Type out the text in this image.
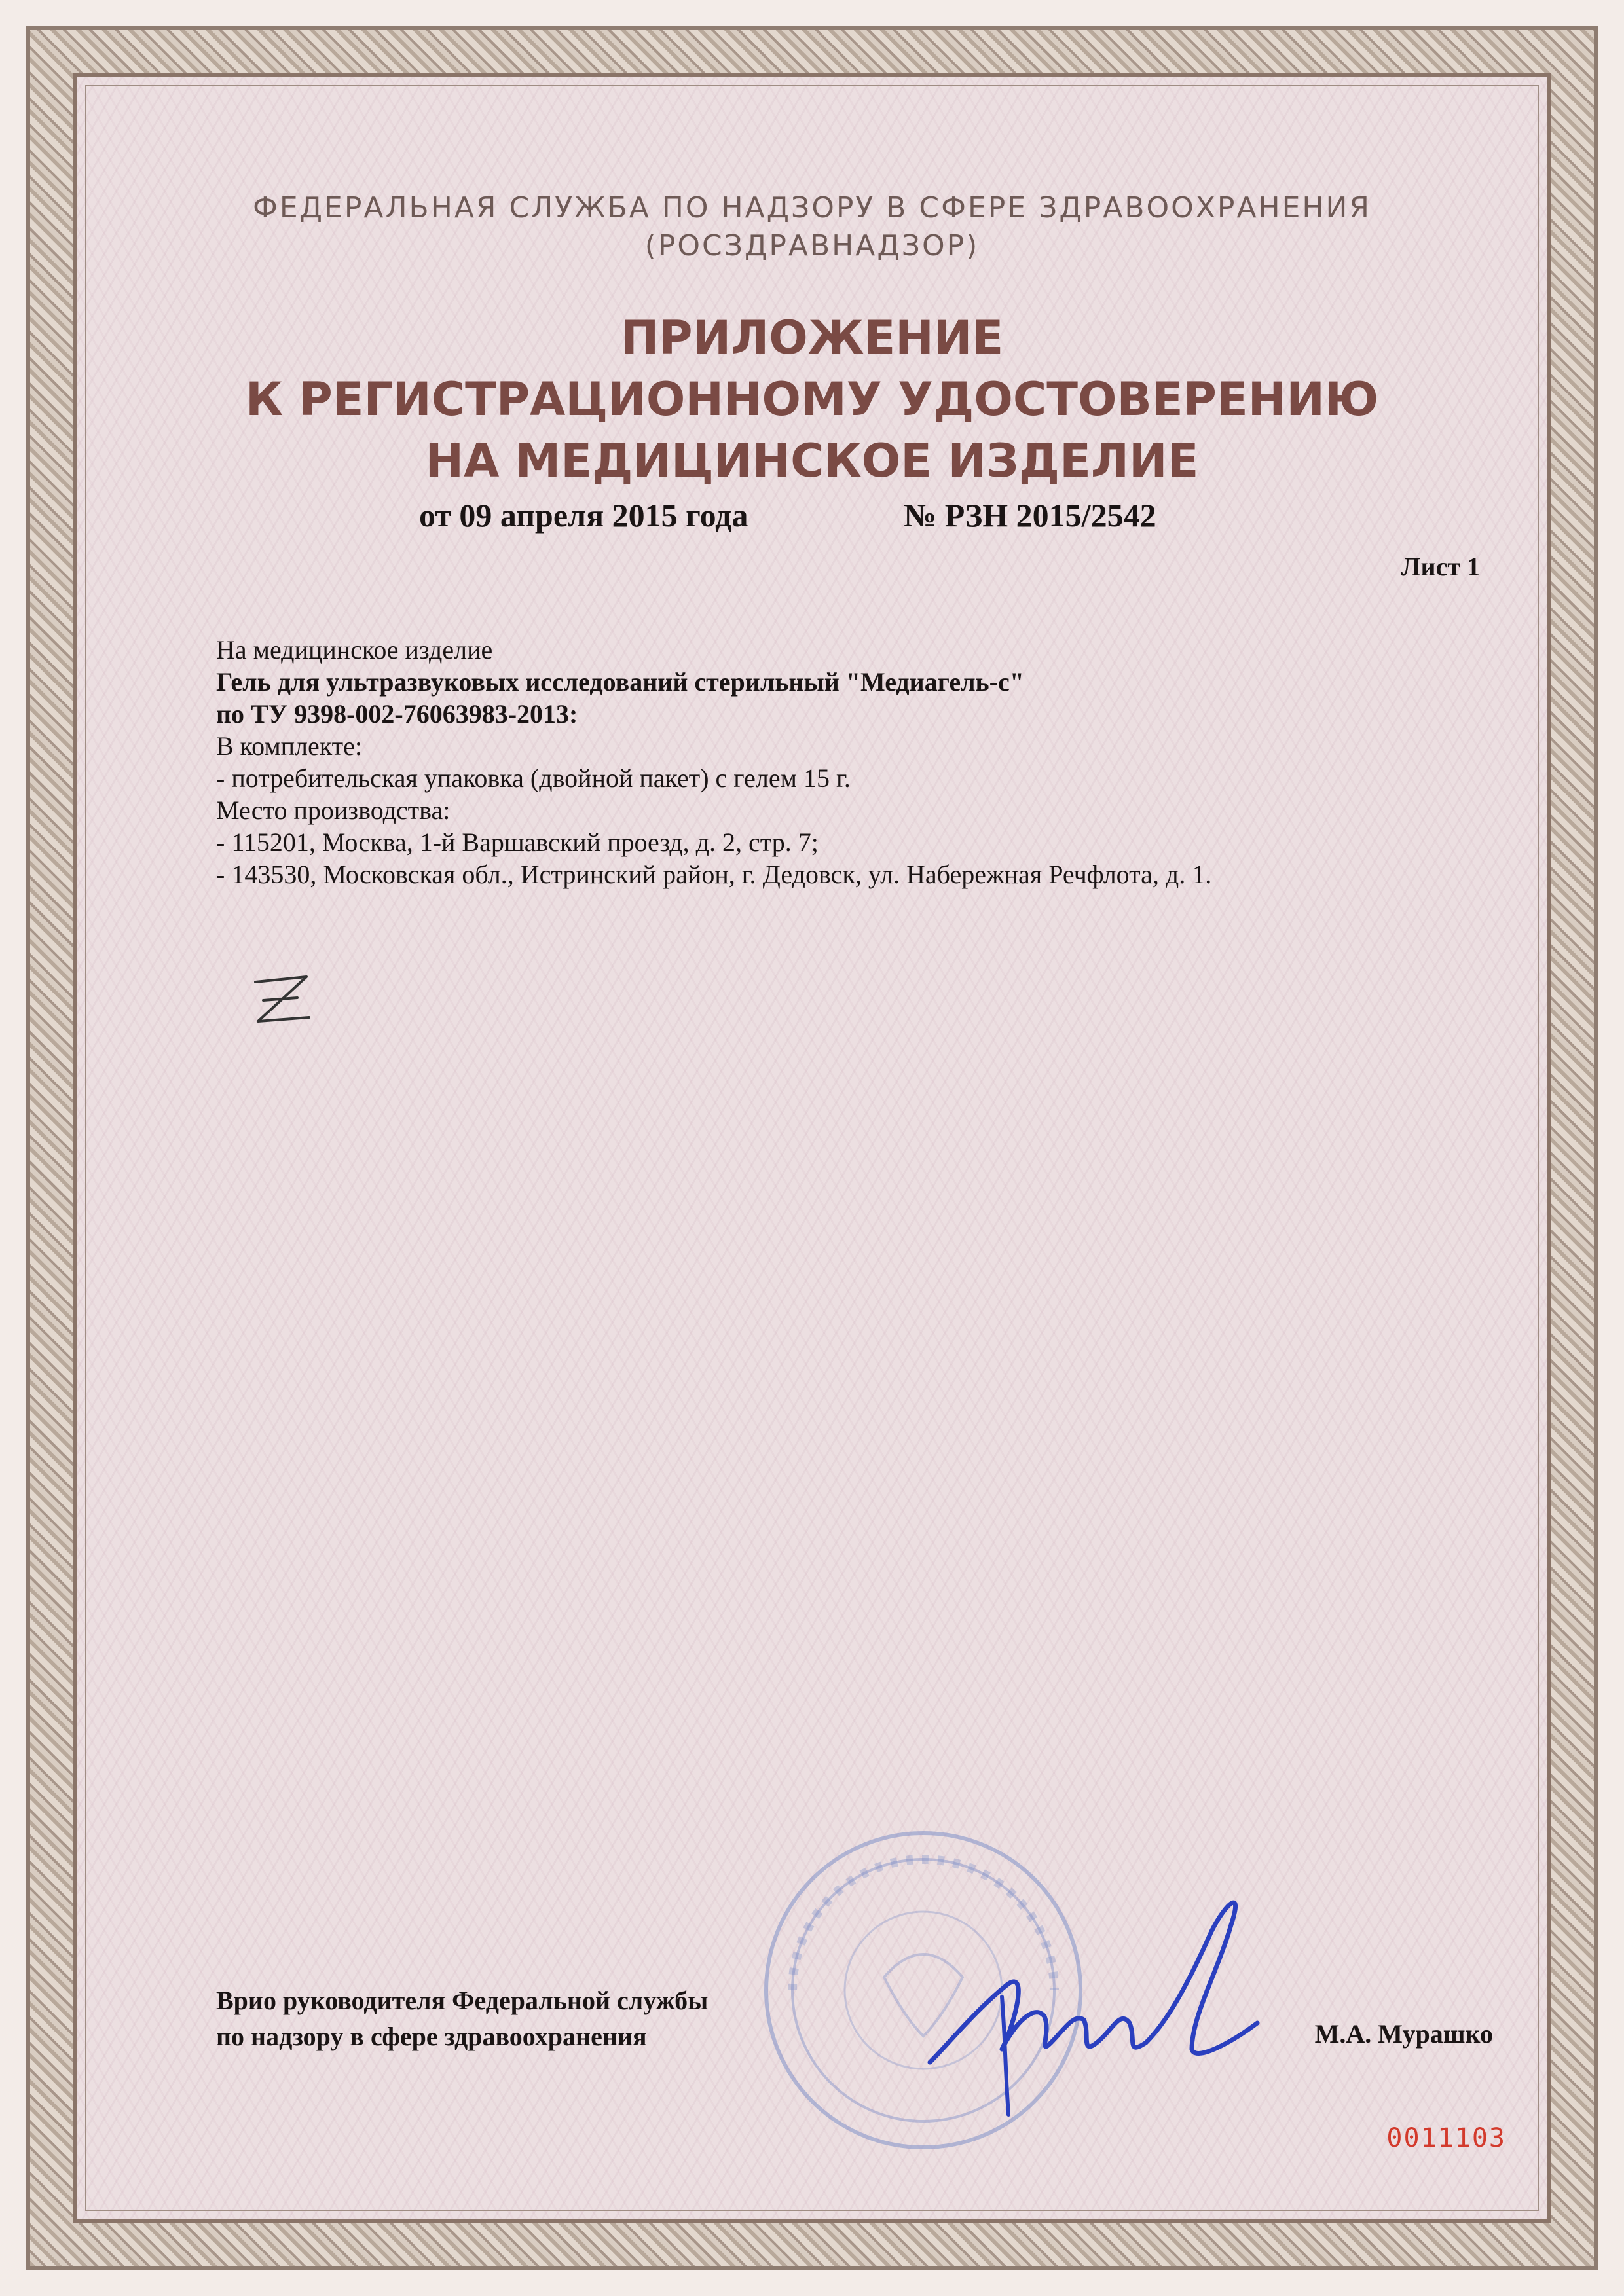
ФЕДЕРАЛЬНАЯ СЛУЖБА ПО НАДЗОРУ В СФЕРЕ ЗДРАВООХРАНЕНИЯ
(РОСЗДРАВНАДЗОР)
ПРИЛОЖЕНИЕ
К РЕГИСТРАЦИОННОМУ УДОСТОВЕРЕНИЮ
НА МЕДИЦИНСКОЕ ИЗДЕЛИЕ
от 09 апреля 2015 года	№ РЗН 2015/2542
Лист 1
На медицинское изделие
Гель для ультразвуковых исследований стерильный "Медиагель-с"
по ТУ 9398-002-76063983-2013:
В комплекте:
- потребительская упаковка (двойной пакет) с гелем 15 г.
Место производства:
- 115201, Москва, 1-й Варшавский проезд, д. 2, стр. 7;
- 143530, Московская обл., Истринский район, г. Дедовск, ул. Набережная Речфлота, д. 1.
Врио руководителя Федеральной службы
по надзору в сфере здравоохранения	М.А. Мурашко
0011103
